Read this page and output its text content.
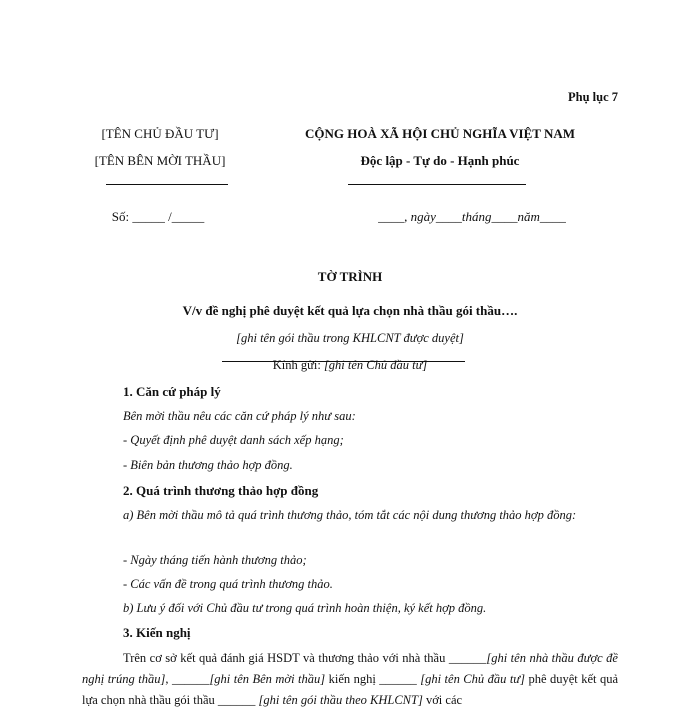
Phụ lục 7
[TÊN CHỦ ĐẦU TƯ]
[TÊN BÊN MỜI THẦU]
CỘNG HOÀ XÃ HỘI CHỦ NGHĨA VIỆT NAM
Độc lập - Tự do - Hạnh phúc
Số: _____ /_____	____, ngày____tháng____năm____
TỜ TRÌNH
V/v đề nghị phê duyệt kết quả lựa chọn nhà thầu gói thầu….
[ghi tên gói thầu trong KHLCNT được duyệt]
Kính gửi: [ghi tên Chủ đầu tư]
1. Căn cứ pháp lý
Bên mời thầu nêu các căn cứ pháp lý như sau:
- Quyết định phê duyệt danh sách xếp hạng;
- Biên bản thương thảo hợp đồng.
2. Quá trình thương thảo hợp đồng
a) Bên mời thầu mô tả quá trình thương thảo, tóm tắt các nội dung thương thảo hợp đồng:
- Ngày tháng tiến hành thương thảo;
- Các vấn đề trong quá trình thương thảo.
b) Lưu ý đối với Chủ đầu tư trong quá trình hoàn thiện, ký kết hợp đồng.
3. Kiến nghị
Trên cơ sở kết quả đánh giá HSDT và thương thảo với nhà thầu ______[ghi tên nhà thầu được đề nghị trúng thầu], ______[ghi tên Bên mời thầu] kiến nghị ______ [ghi tên Chủ đầu tư] phê duyệt kết quả lựa chọn nhà thầu gói thầu ______ [ghi tên gói thầu theo KHLCNT] với các
